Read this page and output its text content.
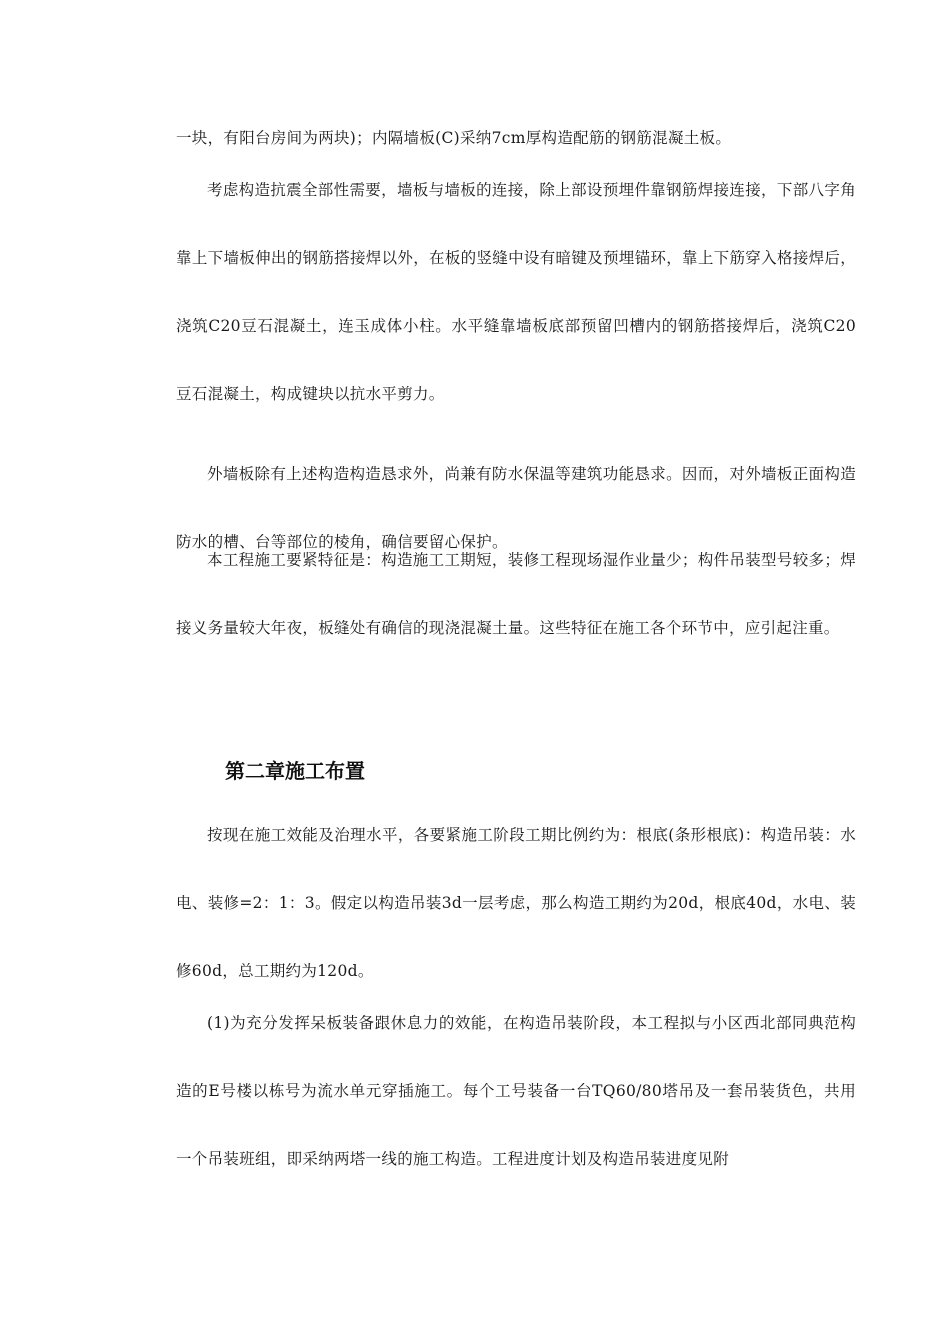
一块，有阳台房间为两块)；内隔墙板(C)采纳7cm厚构造配筋的钢筋混凝土板。

考虑构造抗震全部性需要，墙板与墙板的连接，除上部设预埋件靠钢筋焊接连接，下部八字角靠上下墙板伸出的钢筋搭接焊以外，在板的竖缝中设有暗键及预埋锚环，靠上下筋穿入格接焊后，浇筑C20豆石混凝土，连玉成体小柱。水平缝靠墙板底部预留凹槽内的钢筋搭接焊后，浇筑C20豆石混凝土，构成键块以抗水平剪力。

外墙板除有上述构造构造恳求外，尚兼有防水保温等建筑功能恳求。因而，对外墙板正面构造防水的槽、台等部位的棱角，确信要留心保护。

本工程施工要紧特征是：构造施工工期短，装修工程现场湿作业量少；构件吊装型号较多；焊接义务量较大年夜，板缝处有确信的现浇混凝土量。这些特征在施工各个环节中，应引起注重。

第二章施工布置

按现在施工效能及治理水平，各要紧施工阶段工期比例约为：根底(条形根底)：构造吊装：水电、装修=2：1：3。假定以构造吊装3d一层考虑，那么构造工期约为20d，根底40d，水电、装修60d，总工期约为120d。

(1)为充分发挥呆板装备跟休息力的效能，在构造吊装阶段，本工程拟与小区西北部同典范构造的E号楼以栋号为流水单元穿插施工。每个工号装备一台TQ60/80塔吊及一套吊装货色，共用一个吊装班组，即采纳两塔一线的施工构造。工程进度计划及构造吊装进度见附
